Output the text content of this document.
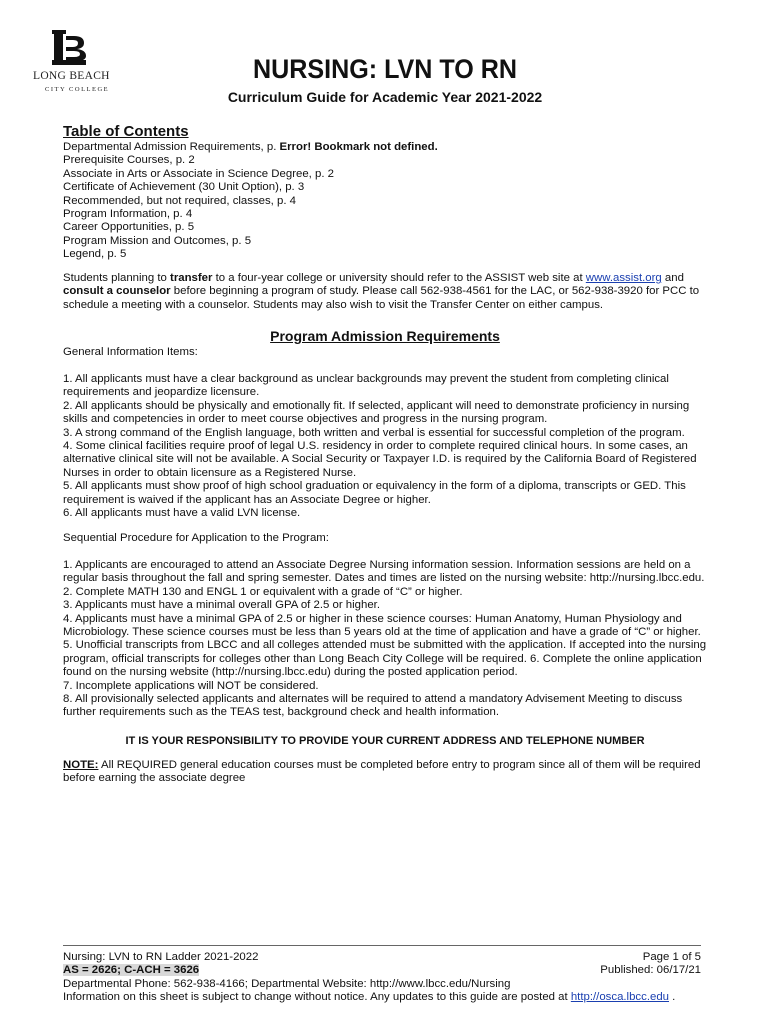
LONG BEACH
CITY COLLEGE
NURSING: LVN TO RN
Curriculum Guide for Academic Year 2021-2022
Table of Contents
Departmental Admission Requirements, p. Error! Bookmark not defined.
Prerequisite Courses, p. 2
Associate in Arts or Associate in Science Degree, p. 2
Certificate of Achievement (30 Unit Option), p. 3
Recommended, but not required, classes, p. 4
Program Information, p. 4
Career Opportunities, p. 5
Program Mission and Outcomes, p. 5
Legend, p. 5
Students planning to transfer to a four-year college or university should refer to the ASSIST web site at www.assist.org and consult a counselor before beginning a program of study. Please call 562-938-4561 for the LAC, or 562-938-3920 for PCC to schedule a meeting with a counselor. Students may also wish to visit the Transfer Center on either campus.
Program Admission Requirements
General Information Items:
1. All applicants must have a clear background as unclear backgrounds may prevent the student from completing clinical requirements and jeopardize licensure.
2. All applicants should be physically and emotionally fit. If selected, applicant will need to demonstrate proficiency in nursing skills and competencies in order to meet course objectives and progress in the nursing program.
3. A strong command of the English language, both written and verbal is essential for successful completion of the program.
4. Some clinical facilities require proof of legal U.S. residency in order to complete required clinical hours. In some cases, an alternative clinical site will not be available. A Social Security or Taxpayer I.D. is required by the California Board of Registered Nurses in order to obtain licensure as a Registered Nurse.
5. All applicants must show proof of high school graduation or equivalency in the form of a diploma, transcripts or GED. This requirement is waived if the applicant has an Associate Degree or higher.
6. All applicants must have a valid LVN license.
Sequential Procedure for Application to the Program:
1. Applicants are encouraged to attend an Associate Degree Nursing information session. Information sessions are held on a regular basis throughout the fall and spring semester. Dates and times are listed on the nursing website: http://nursing.lbcc.edu.
2. Complete MATH 130 and ENGL 1 or equivalent with a grade of “C” or higher.
3. Applicants must have a minimal overall GPA of 2.5 or higher.
4. Applicants must have a minimal GPA of 2.5 or higher in these science courses: Human Anatomy, Human Physiology and Microbiology. These science courses must be less than 5 years old at the time of application and have a grade of “C” or higher.
5. Unofficial transcripts from LBCC and all colleges attended must be submitted with the application. If accepted into the nursing program, official transcripts for colleges other than Long Beach City College will be required. 6. Complete the online application found on the nursing website (http://nursing.lbcc.edu) during the posted application period.
7. Incomplete applications will NOT be considered.
8. All provisionally selected applicants and alternates will be required to attend a mandatory Advisement Meeting to discuss further requirements such as the TEAS test, background check and health information.
IT IS YOUR RESPONSIBILITY TO PROVIDE YOUR CURRENT ADDRESS AND TELEPHONE NUMBER
NOTE: All REQUIRED general education courses must be completed before entry to program since all of them will be required before earning the associate degree
Nursing: LVN to RN Ladder 2021-2022	Page 1 of 5
AS = 2626; C-ACH = 3626	Published: 06/17/21
Departmental Phone: 562-938-4166; Departmental Website: http://www.lbcc.edu/Nursing
Information on this sheet is subject to change without notice. Any updates to this guide are posted at http://osca.lbcc.edu .
